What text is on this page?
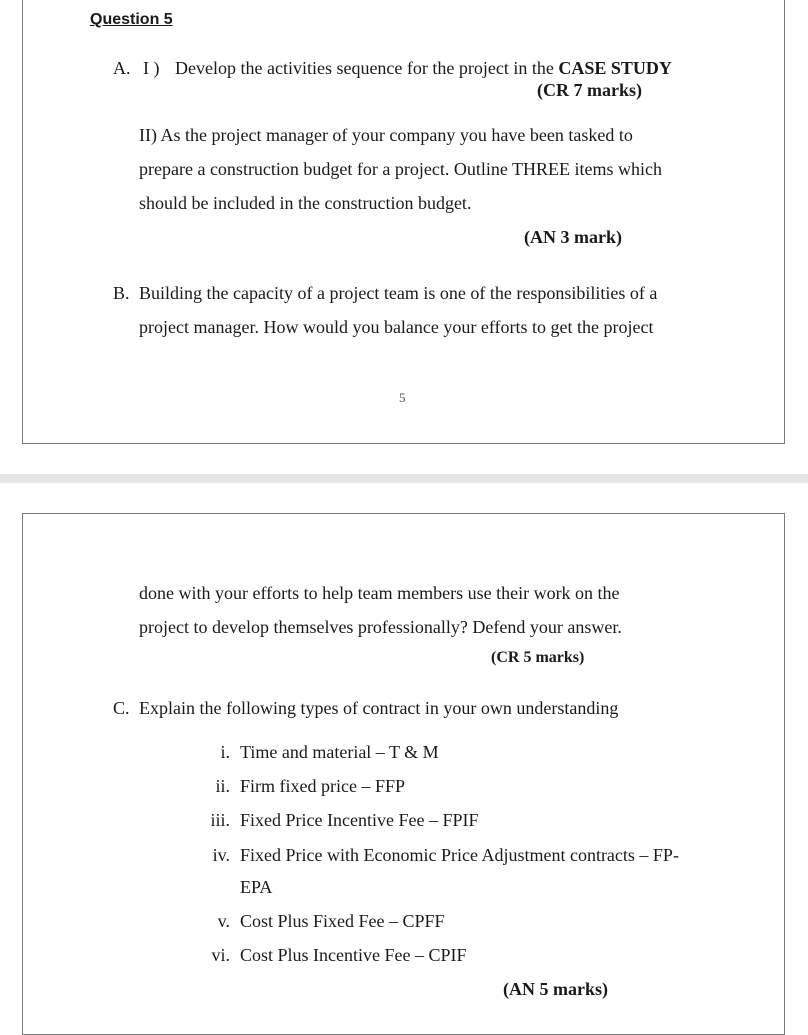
Question 5
A. I ) Develop the activities sequence for the project in the CASE STUDY
(CR 7 marks)
II) As the project manager of your company you have been tasked to
prepare a construction budget for a project. Outline THREE items which
should be included in the construction budget.
(AN 3 mark)
B. Building the capacity of a project team is one of the responsibilities of a
project manager. How would you balance your efforts to get the project
5
done with your efforts to help team members use their work on the
project to develop themselves professionally? Defend your answer.
(CR 5 marks)
C. Explain the following types of contract in your own understanding
i. Time and material – T & M
ii. Firm fixed price – FFP
iii. Fixed Price Incentive Fee – FPIF
iv. Fixed Price with Economic Price Adjustment contracts – FP-
EPA
v. Cost Plus Fixed Fee – CPFF
vi. Cost Plus Incentive Fee – CPIF
(AN 5 marks)
